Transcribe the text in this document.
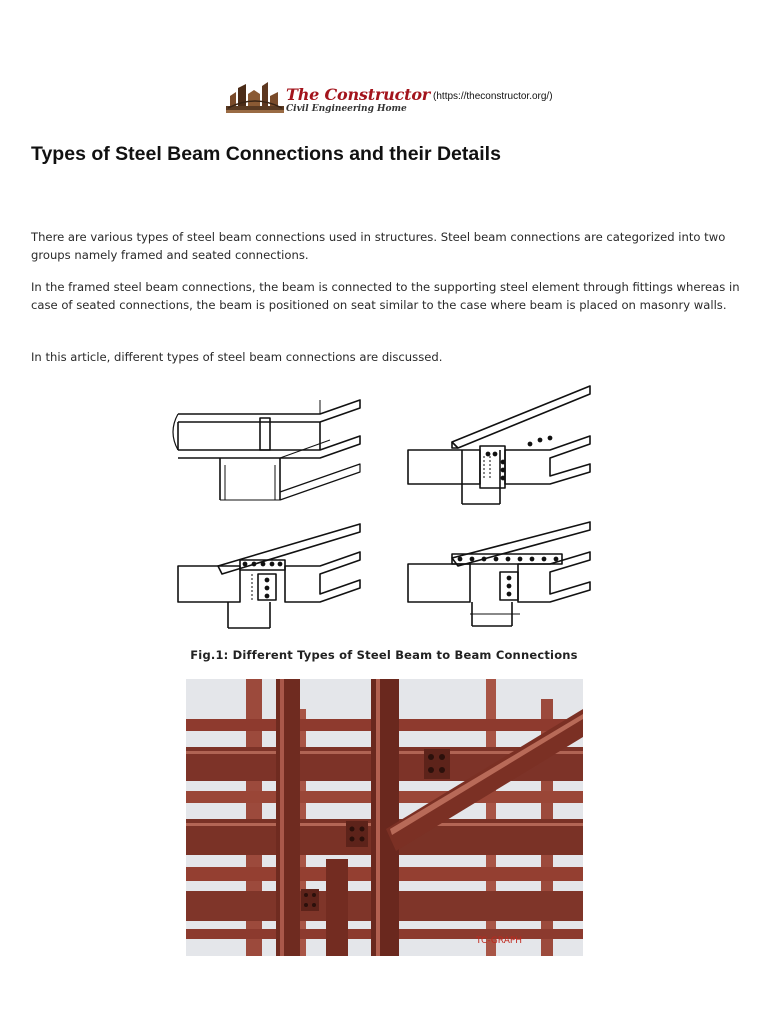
The Constructor
Civil Engineering Home
(https://theconstructor.org/)
Types of Steel Beam Connections and their Details

There are various types of steel beam connections used in structures. Steel beam connections are categorized into two groups namely framed and seated connections.

In the framed steel beam connections, the beam is connected to the supporting steel element through fittings whereas in case of seated connections, the beam is positioned on seat similar to the case where beam is placed on masonry walls.

In this article, different types of steel beam connections are discussed.

Fig.1: Different Types of Steel Beam to Beam Connections
TC-GRAPH
